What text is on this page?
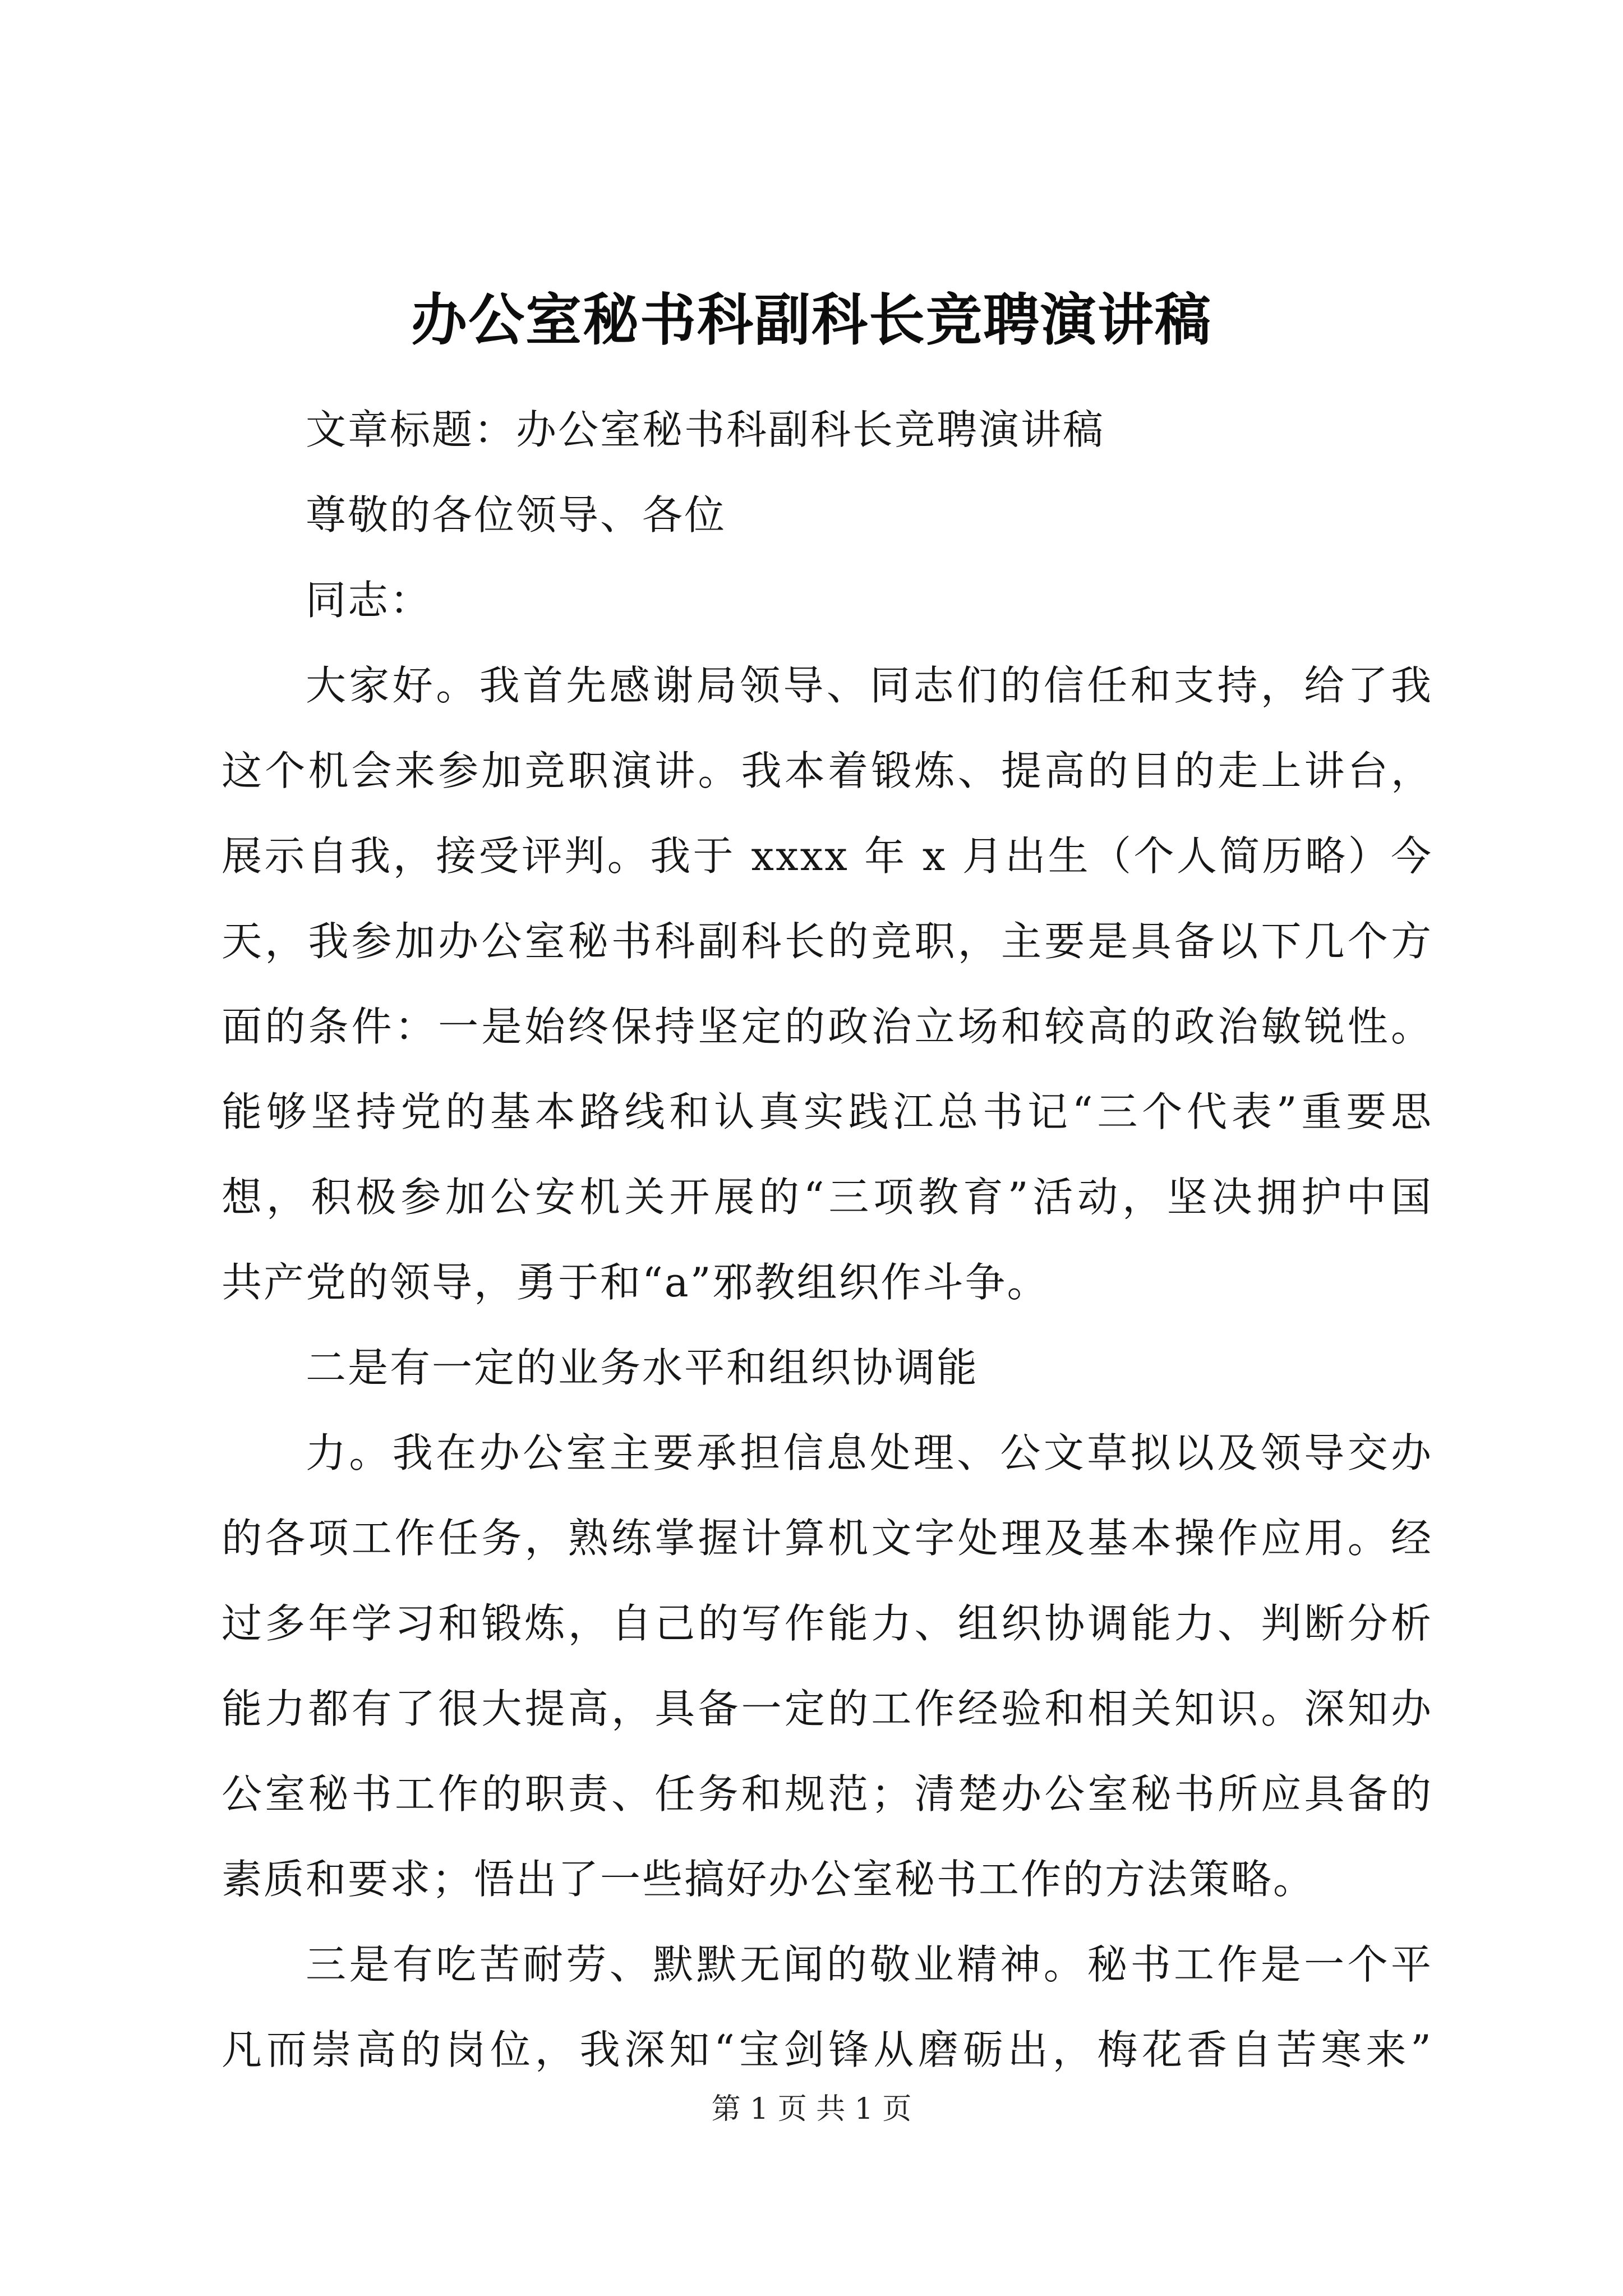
办公室秘书科副科长竞聘演讲稿
文章标题：办公室秘书科副科长竞聘演讲稿
尊敬的各位领导、各位
同志：
大家好。我首先感谢局领导、同志们的信任和支持，给了我
这个机会来参加竞职演讲。我本着锻炼、提高的目的走上讲台，
展示自我，接受评判。我于 xxxx 年 x 月出生（个人简历略）今
天，我参加办公室秘书科副科长的竞职，主要是具备以下几个方
面的条件：一是始终保持坚定的政治立场和较高的政治敏锐性。
能够坚持党的基本路线和认真实践江总书记“三个代表”重要思
想，积极参加公安机关开展的“三项教育”活动，坚决拥护中国
共产党的领导，勇于和“a”邪教组织作斗争。
二是有一定的业务水平和组织协调能
力。我在办公室主要承担信息处理、公文草拟以及领导交办
的各项工作任务，熟练掌握计算机文字处理及基本操作应用。经
过多年学习和锻炼，自己的写作能力、组织协调能力、判断分析
能力都有了很大提高，具备一定的工作经验和相关知识。深知办
公室秘书工作的职责、任务和规范；清楚办公室秘书所应具备的
素质和要求；悟出了一些搞好办公室秘书工作的方法策略。
三是有吃苦耐劳、默默无闻的敬业精神。秘书工作是一个平
凡而崇高的岗位，我深知“宝剑锋从磨砺出，梅花香自苦寒来”
第 1 页 共 1 页
